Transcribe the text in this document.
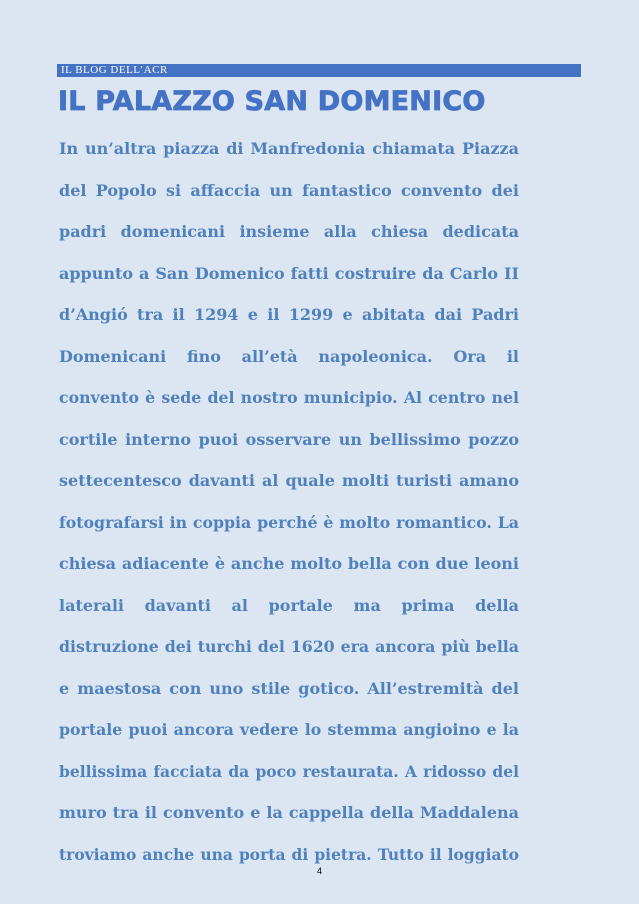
IL BLOG DELL’ACR
IL PALAZZO SAN DOMENICO
In un’altra piazza di Manfredonia chiamata Piazza
del Popolo si affaccia un fantastico convento dei
padri domenicani insieme alla chiesa dedicata
appunto a San Domenico fatti costruire da Carlo II
d’Angió tra il 1294 e il 1299 e abitata dai Padri
Domenicani fino all’età napoleonica. Ora il
convento è sede del nostro municipio. Al centro nel
cortile interno puoi osservare un bellissimo pozzo
settecentesco davanti al quale molti turisti amano
fotografarsi in coppia perché è molto romantico. La
chiesa adiacente è anche molto bella con due leoni
laterali davanti al portale ma prima della
distruzione dei turchi del 1620 era ancora più bella
e maestosa con uno stile gotico. All’estremità del
portale puoi ancora vedere lo stemma angioino e la
bellissima facciata da poco restaurata. A ridosso del
muro tra il convento e la cappella della Maddalena
troviamo anche una porta di pietra. Tutto il loggiato
4
